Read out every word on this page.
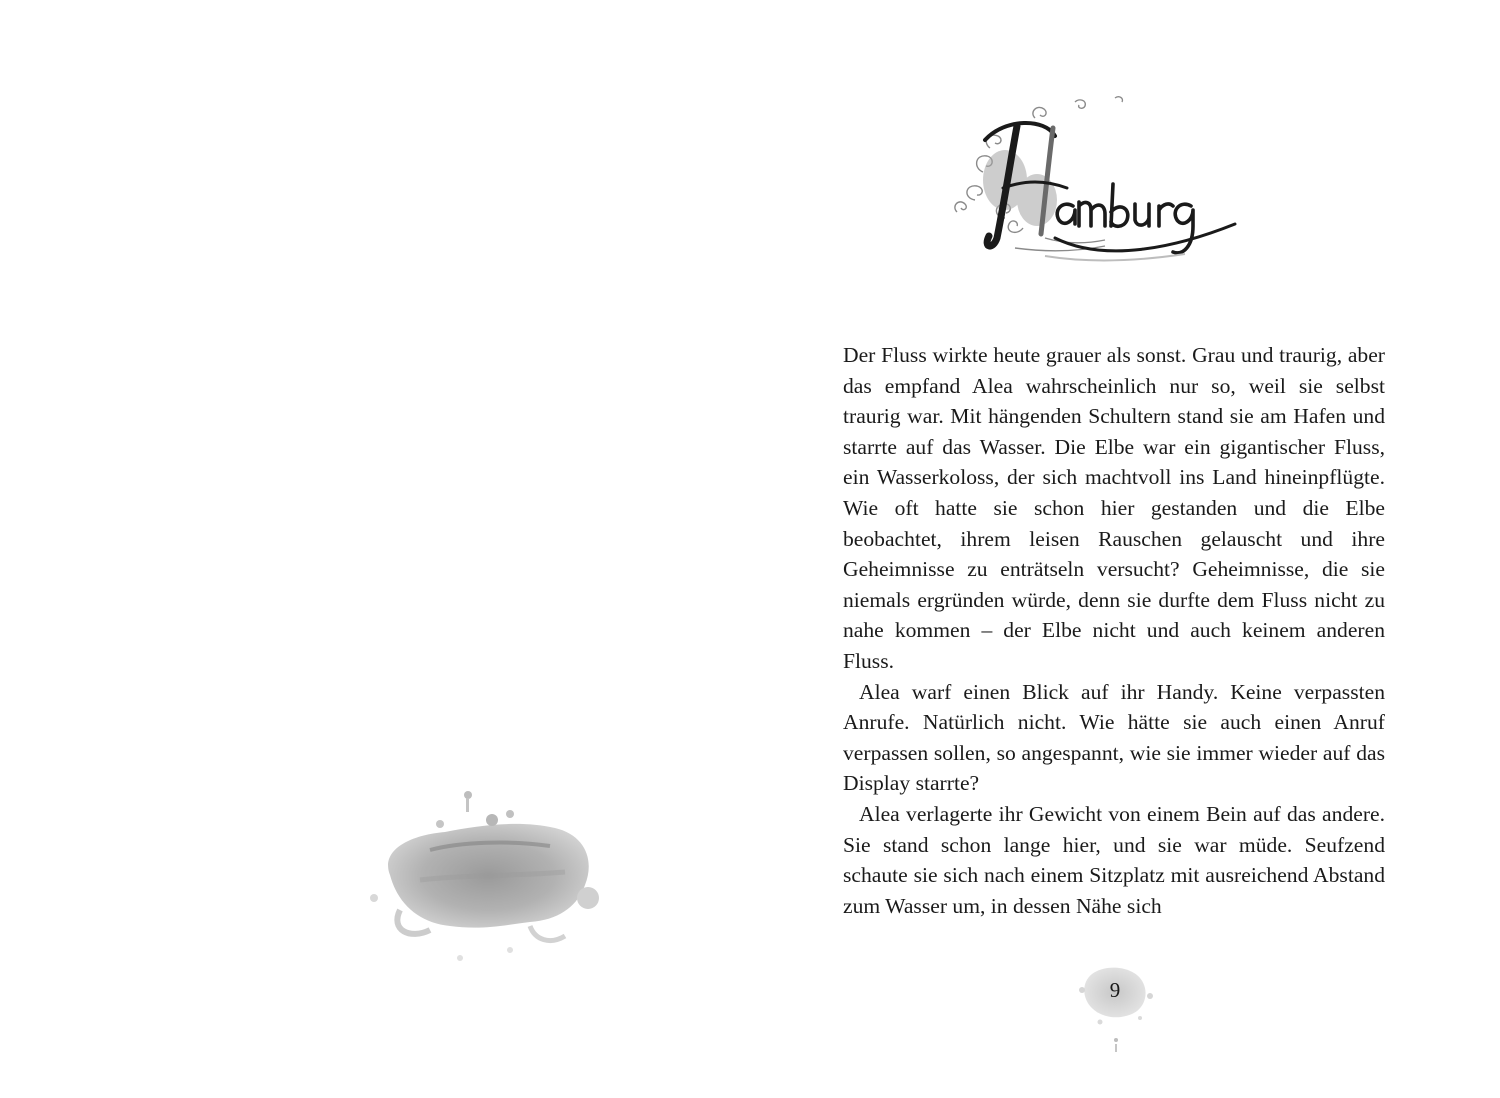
Der Fluss wirkte heute grauer als sonst. Grau und traurig, aber das empfand Alea wahrscheinlich nur so, weil sie selbst traurig war. Mit hängenden Schultern stand sie am Hafen und starrte auf das Wasser. Die Elbe war ein gigantischer Fluss, ein Wasserkoloss, der sich machtvoll ins Land hineinpflügte. Wie oft hatte sie schon hier gestanden und die Elbe beobachtet, ihrem leisen Rauschen gelauscht und ihre Geheimnisse zu enträtseln versucht? Geheimnisse, die sie niemals ergründen würde, denn sie durfte dem Fluss nicht zu nahe kommen – der Elbe nicht und auch keinem anderen Fluss.

Alea warf einen Blick auf ihr Handy. Keine verpassten Anrufe. Natürlich nicht. Wie hätte sie auch einen Anruf verpassen sollen, so angespannt, wie sie immer wieder auf das Display starrte?

Alea verlagerte ihr Gewicht von einem Bein auf das andere. Sie stand schon lange hier, und sie war müde. Seufzend schaute sie sich nach einem Sitzplatz mit ausreichend Abstand zum Wasser um, in dessen Nähe sich

9
